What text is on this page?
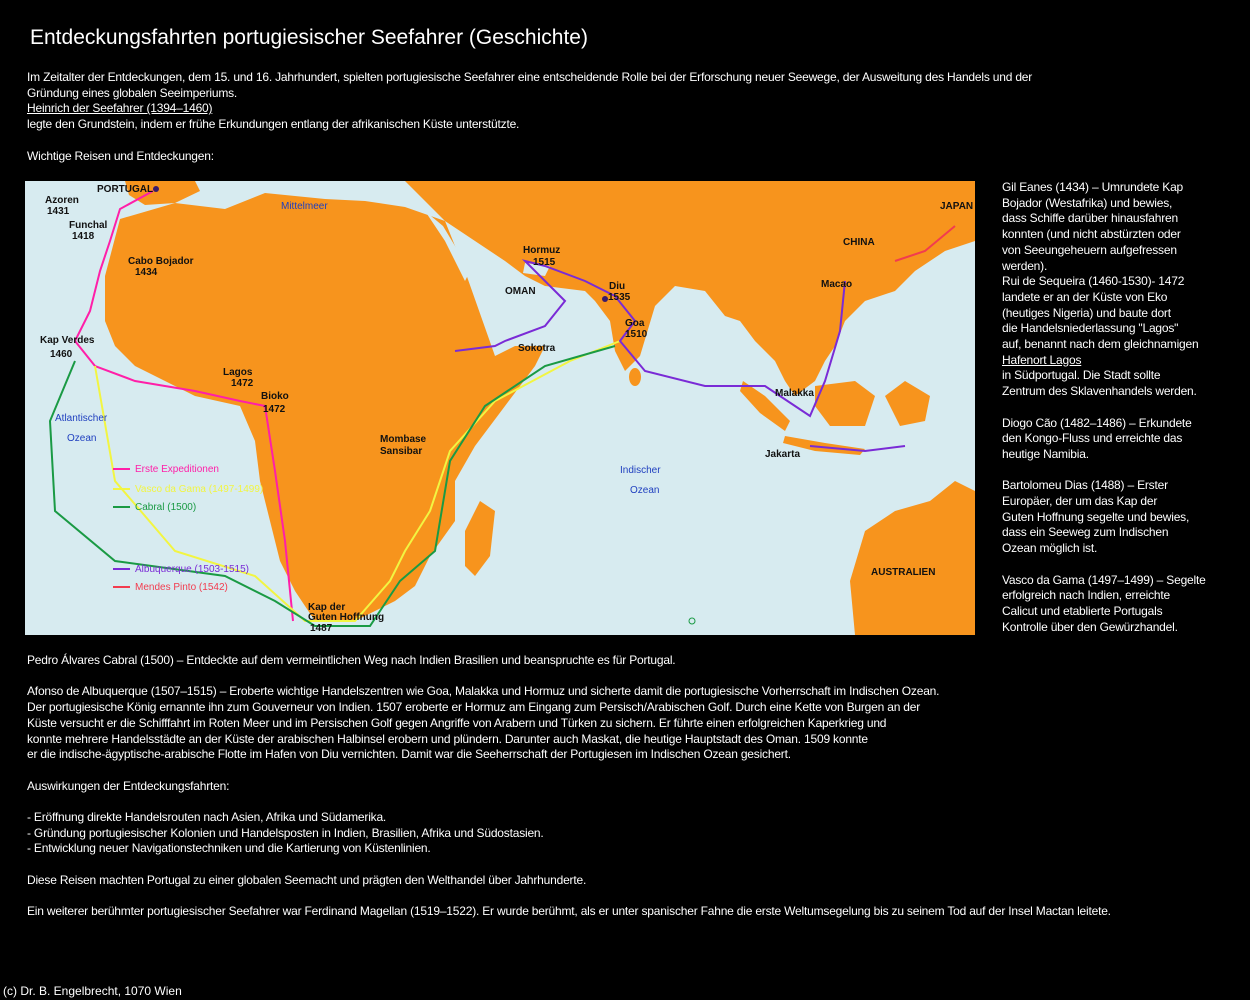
Entdeckungsfahrten portugiesischer Seefahrer (Geschichte)
Im Zeitalter der Entdeckungen, dem 15. und 16. Jahrhundert, spielten portugiesische Seefahrer eine entscheidende Rolle bei der Erforschung neuer Seewege, der Ausweitung des Handels und der
Gründung eines globalen Seeimperiums.
Heinrich der Seefahrer (1394–1460)
legte den Grundstein, indem er frühe Erkundungen entlang der afrikanischen Küste unterstützte.
Wichtige Reisen und Entdeckungen:
PORTUGAL
Azoren
1431
Funchal
1418
Cabo Bojador
1434
Kap Verdes
1460
Lagos
1472
Bioko
1472
Mombase
Sansibar
Kap der
Guten Hoffnung
1487
Hormuz
1515
OMAN
Sokotra
Diu
1535
Goa
1510
CHINA
JAPAN
Macao
Malakka
Jakarta
AUSTRALIEN
Mittelmeer
Atlantischer
Ozean
Indischer
Ozean
Erste Expeditionen
Vasco da Gama (1497-1499)
Cabral (1500)
Albuquerque (1503-1515)
Mendes Pinto (1542)
Gil Eanes (1434) – Umrundete Kap
Bojador (Westafrika) und bewies,
dass Schiffe darüber hinausfahren
konnten (und nicht abstürzten oder
von Seeungeheuern aufgefressen
werden).
Rui de Sequeira (1460-1530)- 1472
landete er an der Küste von Eko
(heutiges Nigeria) und baute dort
die Handelsniederlassung "Lagos"
auf, benannt nach dem gleichnamigen
Hafenort Lagos
in Südportugal. Die Stadt sollte
Zentrum des Sklavenhandels werden.
Diogo Cão (1482–1486) – Erkundete
den Kongo-Fluss und erreichte das
heutige Namibia.
Bartolomeu Dias (1488) – Erster
Europäer, der um das Kap der
Guten Hoffnung segelte und bewies,
dass ein Seeweg zum Indischen
Ozean möglich ist.
Vasco da Gama (1497–1499) – Segelte
erfolgreich nach Indien, erreichte
Calicut und etablierte Portugals
Kontrolle über den Gewürzhandel.
Pedro Álvares Cabral (1500) – Entdeckte auf dem vermeintlichen Weg nach Indien Brasilien und beanspruchte es für Portugal.
Afonso de Albuquerque (1507–1515) – Eroberte wichtige Handelszentren wie Goa, Malakka und Hormuz und sicherte damit die portugiesische Vorherrschaft im Indischen Ozean.
Der portugiesische König ernannte ihn zum Gouverneur von Indien. 1507 eroberte er Hormuz am Eingang zum Persisch/Arabischen Golf. Durch eine Kette von Burgen an der
Küste versucht er die Schifffahrt im Roten Meer und im Persischen Golf gegen Angriffe von Arabern und Türken zu sichern. Er führte einen erfolgreichen Kaperkrieg und
konnte mehrere Handelsstädte an der Küste der arabischen Halbinsel erobern und plündern. Darunter auch Maskat, die heutige Hauptstadt des Oman. 1509 konnte
er die indische-ägyptische-arabische Flotte im Hafen von Diu vernichten. Damit war die Seeherrschaft der Portugiesen im Indischen Ozean gesichert.
Auswirkungen der Entdeckungsfahrten:
- Eröffnung direkte Handelsrouten nach Asien, Afrika und Südamerika.
- Gründung portugiesischer Kolonien und Handelsposten in Indien, Brasilien, Afrika und Südostasien.
- Entwicklung neuer Navigationstechniken und die Kartierung von Küstenlinien.
Diese Reisen machten Portugal zu einer globalen Seemacht und prägten den Welthandel über Jahrhunderte.
Ein weiterer berühmter portugiesischer Seefahrer war Ferdinand Magellan (1519–1522). Er wurde berühmt, als er unter spanischer Fahne die erste Weltumsegelung bis zu seinem Tod auf der Insel Mactan leitete.
(c) Dr. B. Engelbrecht, 1070 Wien
